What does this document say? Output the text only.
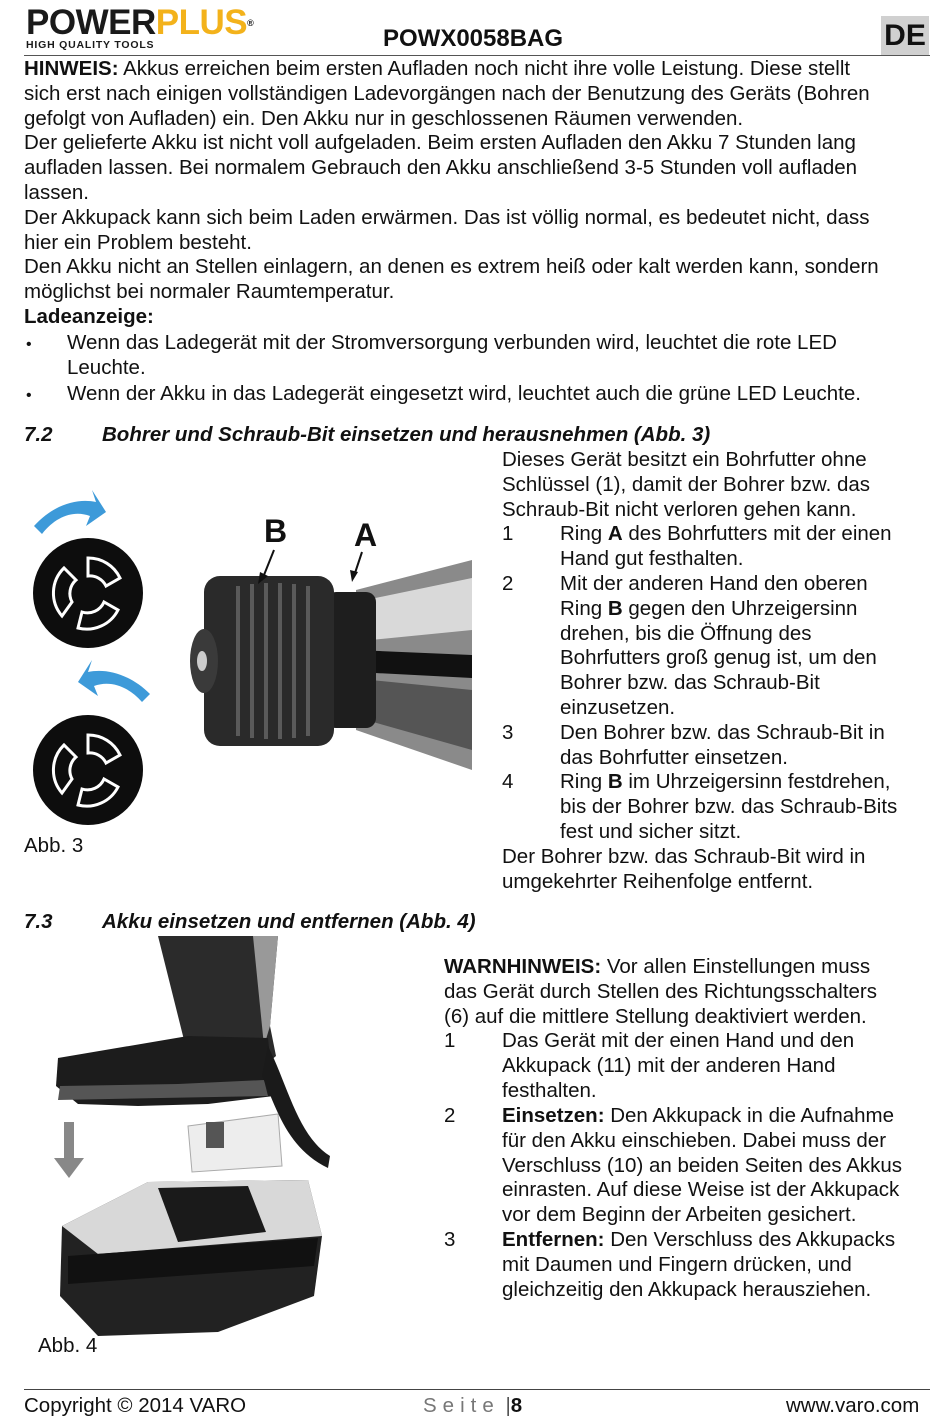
POWERPLUS®
HIGH QUALITY TOOLS	POWX0058BAG	DE
HINWEIS: Akkus erreichen beim ersten Aufladen noch nicht ihre volle Leistung. Diese stellt
sich erst nach einigen vollständigen Ladevorgängen nach der Benutzung des Geräts (Bohren
gefolgt von Aufladen) ein. Den Akku nur in geschlossenen Räumen verwenden.
Der gelieferte Akku ist nicht voll aufgeladen. Beim ersten Aufladen den Akku 7 Stunden lang
aufladen lassen. Bei normalem Gebrauch den Akku anschließend 3-5 Stunden voll aufladen
lassen.
Der Akkupack kann sich beim Laden erwärmen. Das ist völlig normal, es bedeutet nicht, dass
hier ein Problem besteht.
Den Akku nicht an Stellen einlagern, an denen es extrem heiß oder kalt werden kann, sondern
möglichst bei normaler Raumtemperatur.
Ladeanzeige:
• Wenn das Ladegerät mit der Stromversorgung verbunden wird, leuchtet die rote LED
Leuchte.
• Wenn der Akku in das Ladegerät eingesetzt wird, leuchtet auch die grüne LED Leuchte.
7.2 Bohrer und Schraub-Bit einsetzen und herausnehmen (Abb. 3)
B A
Abb. 3
Dieses Gerät besitzt ein Bohrfutter ohne
Schlüssel (1), damit der Bohrer bzw. das
Schraub-Bit nicht verloren gehen kann.
1	Ring A des Bohrfutters mit der einen
Hand gut festhalten.
2	Mit der anderen Hand den oberen
Ring B gegen den Uhrzeigersinn
drehen, bis die Öffnung des
Bohrfutters groß genug ist, um den
Bohrer bzw. das Schraub-Bit
einzusetzen.
3	Den Bohrer bzw. das Schraub-Bit in
das Bohrfutter einsetzen.
4	Ring B im Uhrzeigersinn festdrehen,
bis der Bohrer bzw. das Schraub-Bits
fest und sicher sitzt.
Der Bohrer bzw. das Schraub-Bit wird in
umgekehrter Reihenfolge entfernt.
7.3 Akku einsetzen und entfernen (Abb. 4)
Abb. 4
WARNHINWEIS: Vor allen Einstellungen muss
das Gerät durch Stellen des Richtungsschalters
(6) auf die mittlere Stellung deaktiviert werden.
1	Das Gerät mit der einen Hand und den
Akkupack (11) mit der anderen Hand
festhalten.
2	Einsetzen: Den Akkupack in die Aufnahme
für den Akku einschieben. Dabei muss der
Verschluss (10) an beiden Seiten des Akkus
einrasten. Auf diese Weise ist der Akkupack
vor dem Beginn der Arbeiten gesichert.
3	Entfernen: Den Verschluss des Akkupacks
mit Daumen und Fingern drücken, und
gleichzeitig den Akkupack herausziehen.
Copyright © 2014 VARO	Seite |8	www.varo.com
